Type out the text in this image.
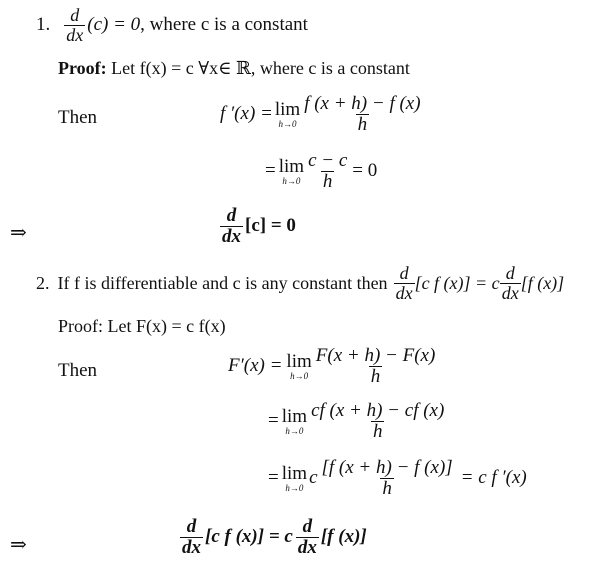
1. $\frac{d}{dx} (c) = 0$ , where c is a constant
Proof: Let f(x) = c ∀x∈ ℝ, where c is a constant
Then	f ′(x) = lim
$h\to 0 \frac{f (x + h) - f (x)}{h}$
= lim
$h\to 0 \frac{c - c}{h} = 0$
⇒	$\frac{d}{dx} [c] = 0$
2. If f is differentiable and c is any constant then $\frac{d}{dx} [c$ f (x)] = c $\frac{d}{dx} [f$ (x)]
Proof: Let F(x) = c f(x)
Then	F′(x) = lim
$h\to 0 \frac{F(x + h) - F(x)}{h}$
= lim
$h\to 0 \frac{cf (x + h) - cf (x)}{h}$
= lim
h→0 c $\frac{[f (x + h) - f (x)]}{h} = c$ f ′(x)
⇒	$\frac{d}{dx} [c$ f (x)] = c $\frac{d}{dx} [f$ (x)]
